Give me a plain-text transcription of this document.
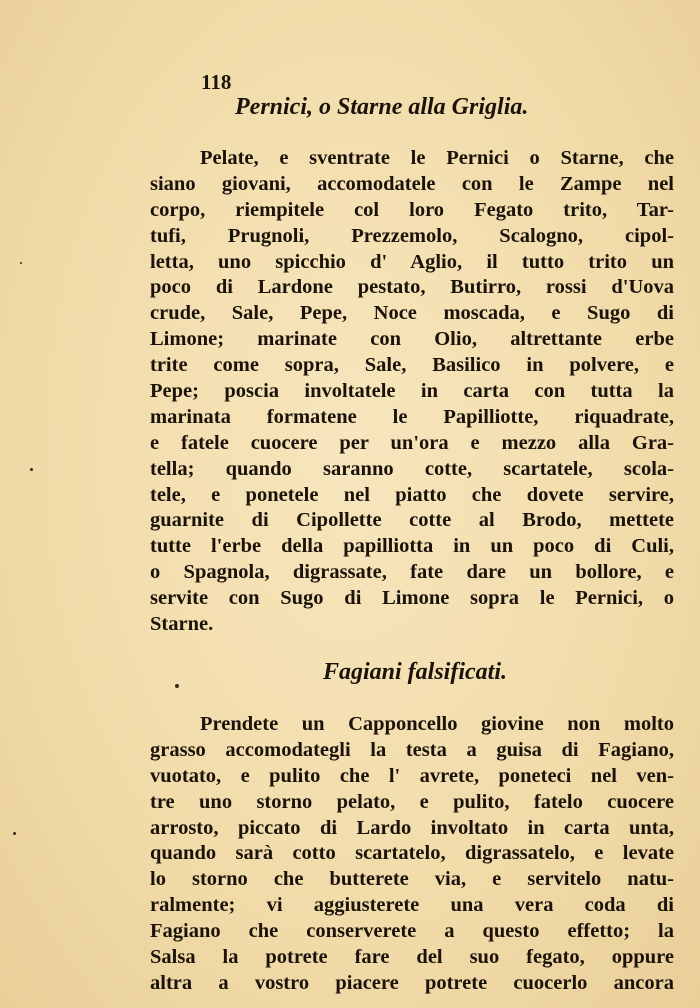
118
Pernici, o Starne alla Griglia.
Pelate, e sventrate le Pernici o Starne, che
siano giovani, accomodatele con le Zampe nel
corpo, riempitele col loro Fegato trito, Tar-
tufi, Prugnoli, Prezzemolo, Scalogno, cipol-
letta, uno spicchio d' Aglio, il tutto trito un
poco di Lardone pestato, Butirro, rossi d'Uova
crude, Sale, Pepe, Noce moscada, e Sugo di
Limone; marinate con Olio, altrettante erbe
trite come sopra, Sale, Basilico in polvere, e
Pepe; poscia involtatele in carta con tutta la
marinata formatene le Papilliotte, riquadrate,
e fatele cuocere per un'ora e mezzo alla Gra-
tella; quando saranno cotte, scartatele, scola-
tele, e ponetele nel piatto che dovete servire,
guarnite di Cipollette cotte al Brodo, mettete
tutte l'erbe della papilliotta in un poco di Culi,
o Spagnola, digrassate, fate dare un bollore, e
servite con Sugo di Limone sopra le Pernici, o
Starne.
Fagiani falsificati.
Prendete un Capponcello giovine non molto
grasso accomodategli la testa a guisa di Fagiano,
vuotato, e pulito che l' avrete, poneteci nel ven-
tre uno storno pelato, e pulito, fatelo cuocere
arrosto, piccato di Lardo involtato in carta unta,
quando sarà cotto scartatelo, digrassatelo, e levate
lo storno che butterete via, e servitelo natu-
ralmente; vi aggiusterete una vera coda di
Fagiano che conserverete a questo effetto; la
Salsa la potrete fare del suo fegato, oppure
altra a vostro piacere potrete cuocerlo ancora
